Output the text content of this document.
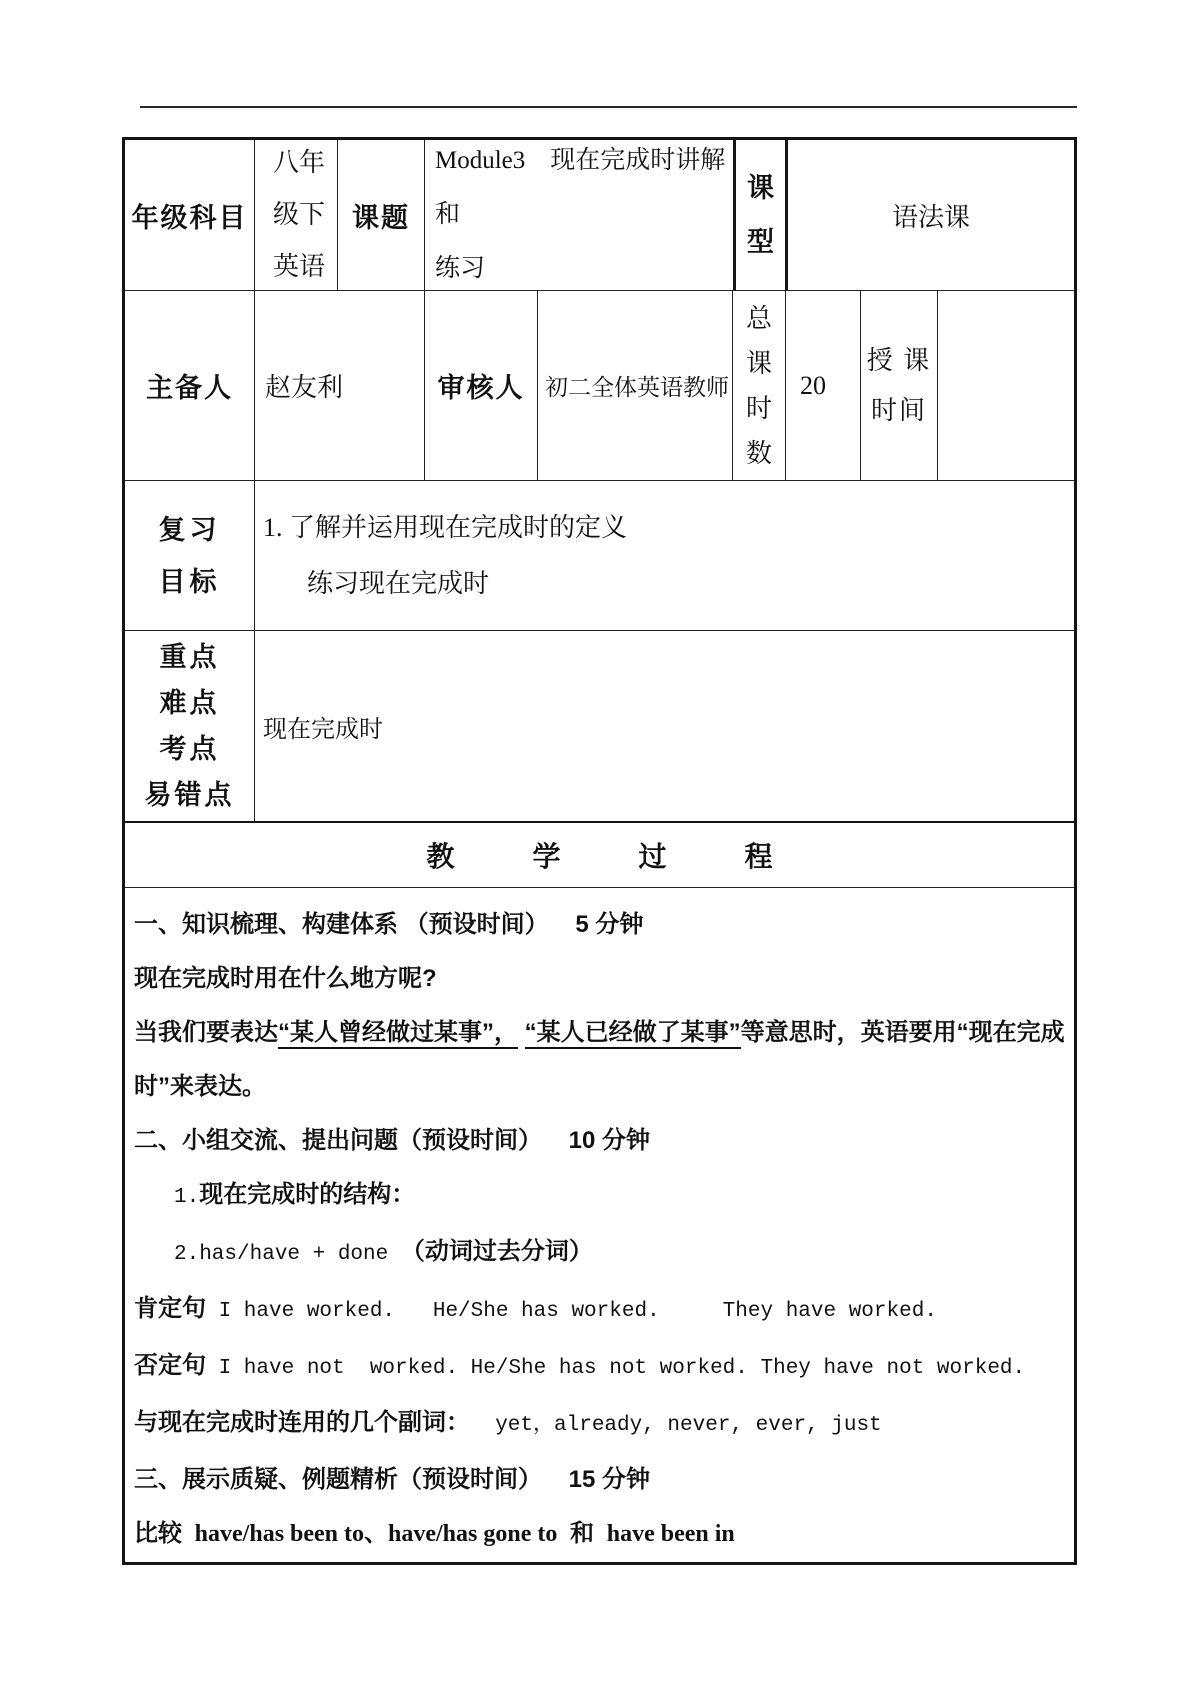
年级科目
八年
级下
英语
课题
Module3　现在完成时讲解和
练习
课
型
语法课
主备人	赵友利	审核人 初二全体英语教师
总
课
时
数
20
授 课
时间
复习
目标
1. 了解并运用现在完成时的定义
练习现在完成时
重点
难点
考点
易错点
现在完成时
教学过程
一、知识梳理、构建体系 （预设时间）    5 分钟
现在完成时用在什么地方呢?
当我们要表达“某人曾经做过某事”， “某人已经做了某事”等意思时，英语要用“现在完成时”来表达。
二、小组交流、提出问题（预设时间）    10 分钟
1.现在完成时的结构：
2.has/have + done （动词过去分词）
肯定句 I have worked.   He/She has worked.     They have worked.
否定句 I have not  worked. He/She has not worked. They have not worked.
与现在完成时连用的几个副词：  yet，already, never, ever, just
三、展示质疑、例题精析（预设时间）    15 分钟
比较  have/has been to、have/has gone to  和  have been in
